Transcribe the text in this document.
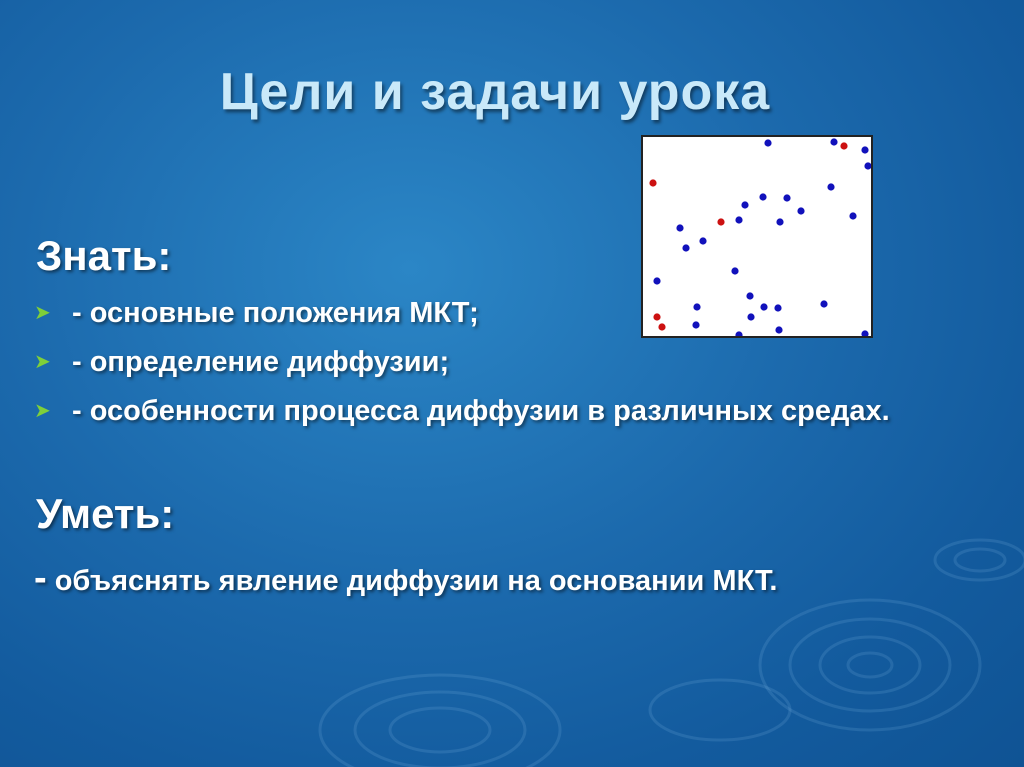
Цели и задачи урока
Знать:
➤ - основные положения МКТ;
➤ - определение диффузии;
➤ - особенности процесса диффузии в различных средах.
Уметь:
- объяснять явление диффузии на основании МКТ.
